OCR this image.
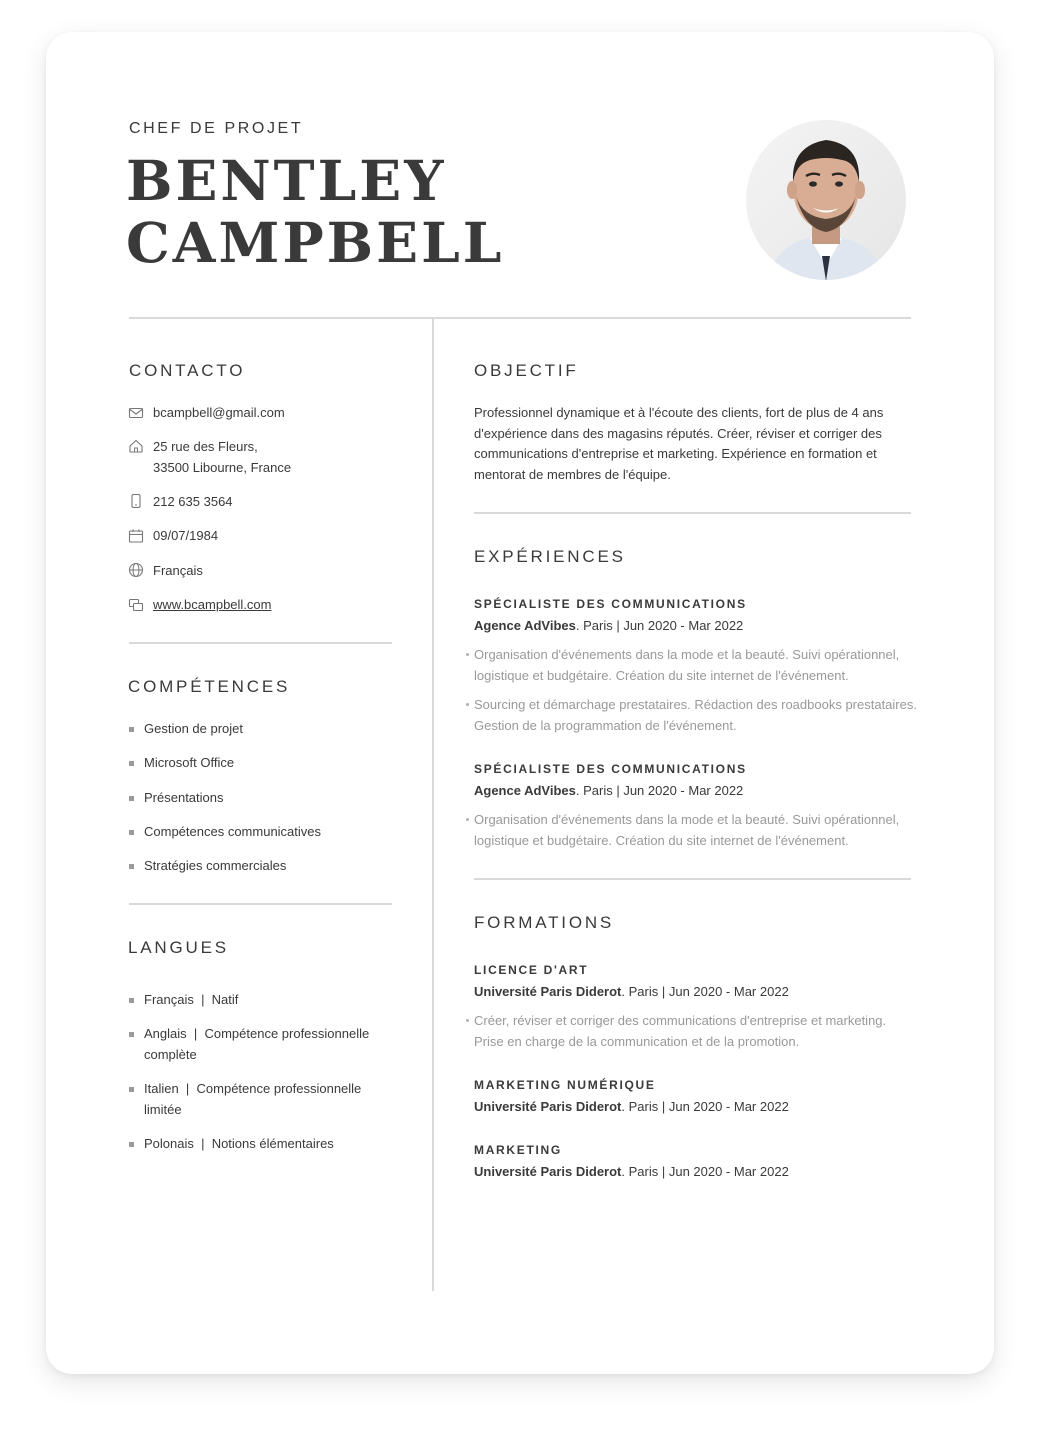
CHEF DE PROJET
BENTLEY
CAMPBELL
CONTACTO
bcampbell@gmail.com
25 rue des Fleurs,
33500 Libourne, France
212 635 3564
09/07/1984
Français
www.bcampbell.com
COMPÉTENCES
Gestion de projet
Microsoft Office
Présentations
Compétences communicatives
Stratégies commerciales
LANGUES
Français  |  Natif
Anglais  |  Compétence professionnelle
complète
Italien  |  Compétence professionnelle
limitée
Polonais  |  Notions élémentaires
OBJECTIF
Professionnel dynamique et à l'écoute des clients, fort de plus de 4 ans
d'expérience dans des magasins réputés. Créer, réviser et corriger des
communications d'entreprise et marketing. Expérience en formation et
mentorat de membres de l'équipe.
EXPÉRIENCES
SPÉCIALISTE DES COMMUNICATIONS
Agence AdVibes. Paris | Jun 2020 - Mar 2022
Organisation d'événements dans la mode et la beauté. Suivi opérationnel,
logistique et budgétaire. Création du site internet de l'événement.
Sourcing et démarchage prestataires. Rédaction des roadbooks prestataires.
Gestion de la programmation de l'événement.
SPÉCIALISTE DES COMMUNICATIONS
Agence AdVibes. Paris | Jun 2020 - Mar 2022
Organisation d'événements dans la mode et la beauté. Suivi opérationnel,
logistique et budgétaire. Création du site internet de l'événement.
FORMATIONS
LICENCE D'ART
Université Paris Diderot. Paris | Jun 2020 - Mar 2022
Créer, réviser et corriger des communications d'entreprise et marketing.
Prise en charge de la communication et de la promotion.
MARKETING NUMÉRIQUE
Université Paris Diderot. Paris | Jun 2020 - Mar 2022
MARKETING
Université Paris Diderot. Paris | Jun 2020 - Mar 2022
